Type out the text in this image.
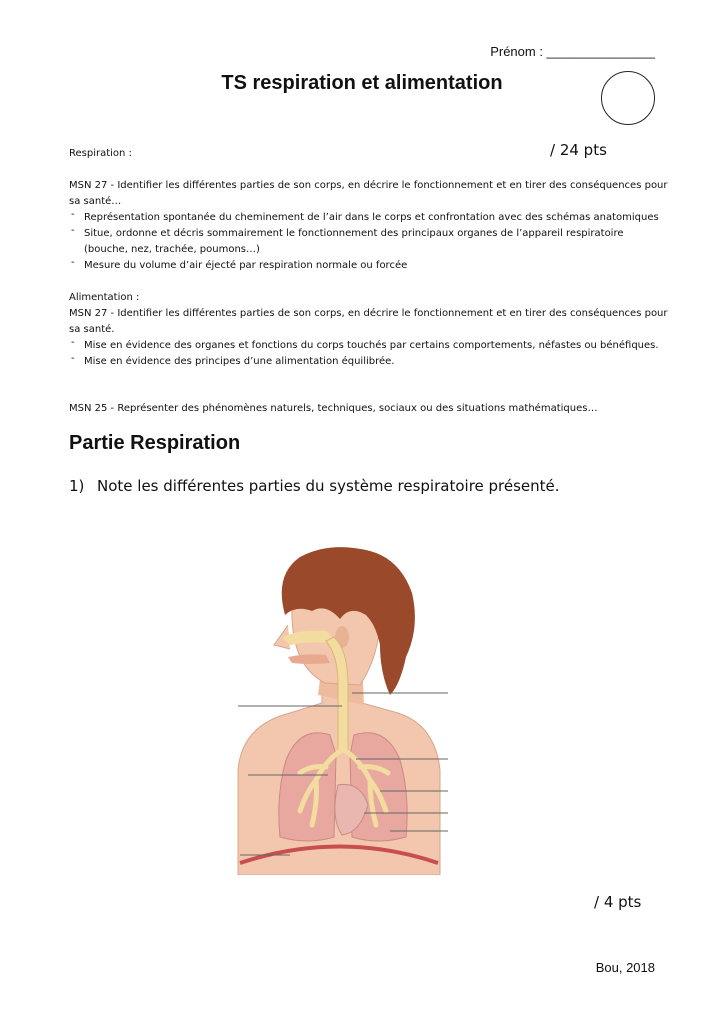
Prénom : _______________
TS respiration et alimentation
Respiration :	/ 24 pts

MSN 27 - Identifier les différentes parties de son corps, en décrire le fonctionnement et en tirer des conséquences pour sa santé…

- Représentation spontanée du cheminement de l’air dans le corps et confrontation avec des schémas anatomiques
- Situe, ordonne et décris sommairement le fonctionnement des principaux organes de l’appareil respiratoire (bouche, nez, trachée, poumons…)
- Mesure du volume d’air éjecté par respiration normale ou forcée

Alimentation :

MSN 27 - Identifier les différentes parties de son corps, en décrire le fonctionnement et en tirer des conséquences pour sa santé.

- Mise en évidence des organes et fonctions du corps touchés par certains comportements, néfastes ou bénéfiques.
- Mise en évidence des principes d’une alimentation équilibrée.
MSN 25 - Représenter des phénomènes naturels, techniques, sociaux ou des situations mathématiques…
Partie Respiration
1) Note les différentes parties du système respiratoire présenté.
/ 4 pts
Bou, 2018
